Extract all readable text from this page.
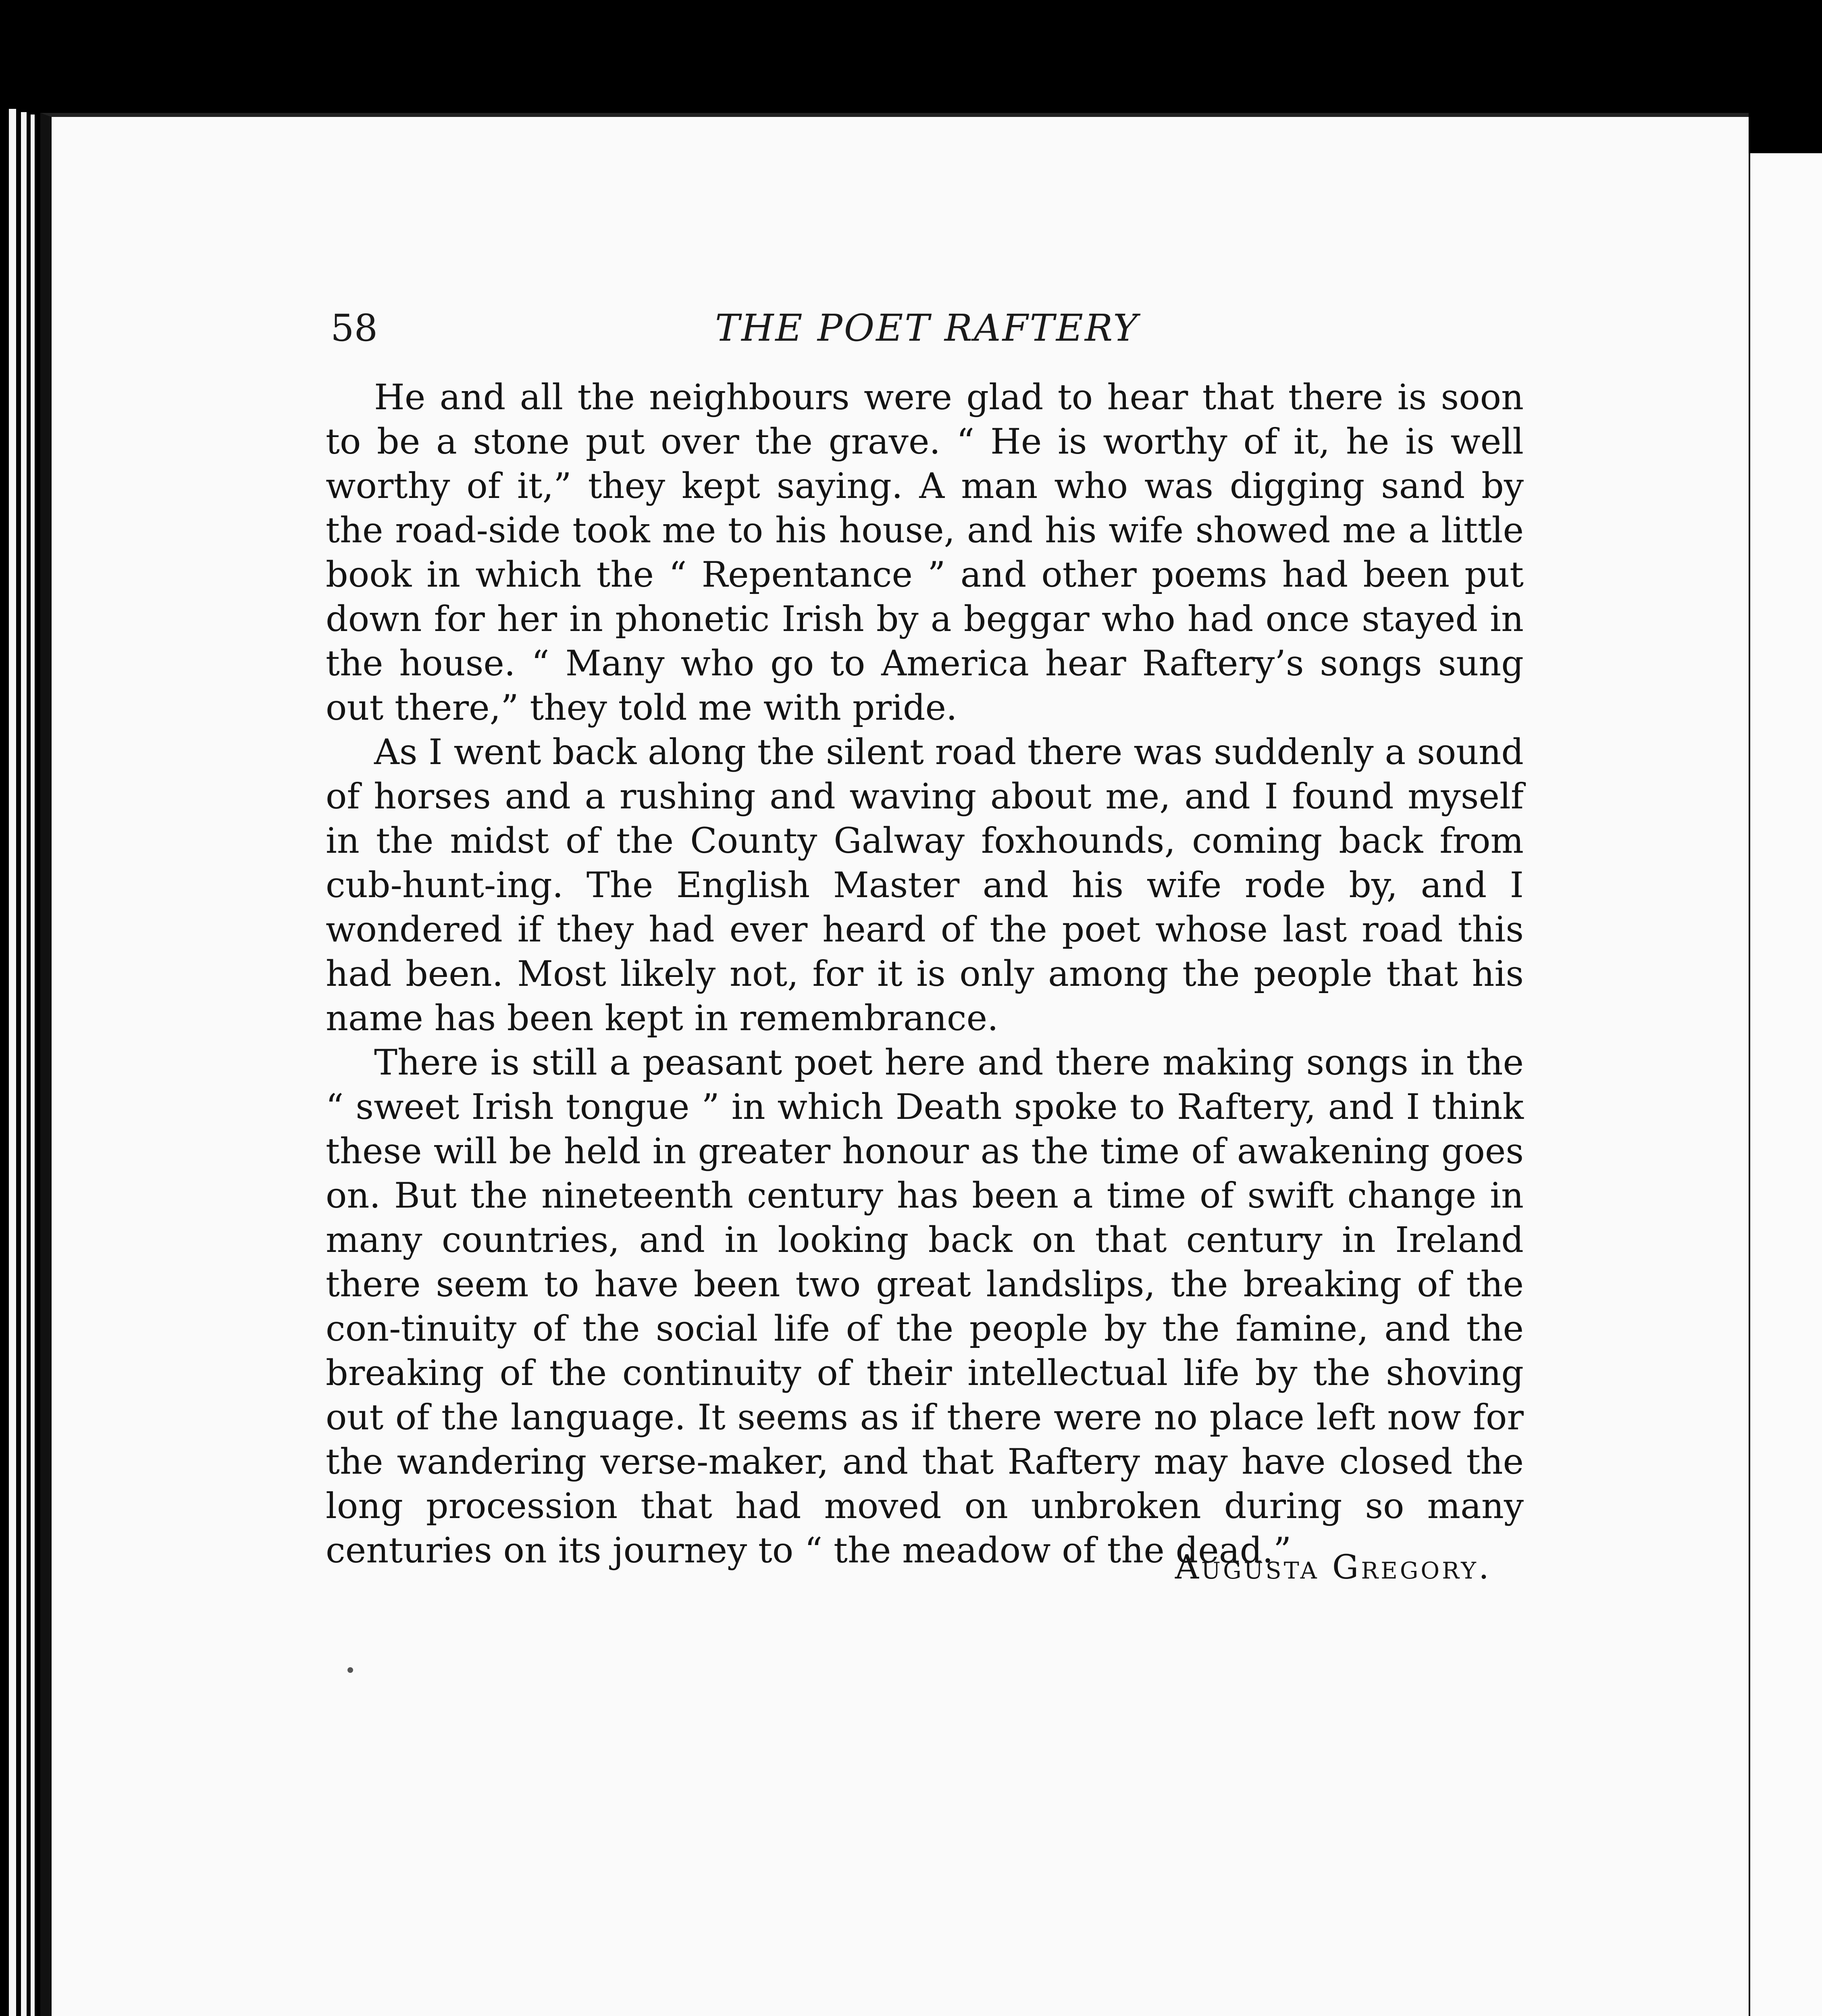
58	THE POET RAFTERY

He and all the neighbours were glad to hear that there is soon to be a stone put over the grave. “ He is worthy of it, he is well worthy of it,” they kept saying. A man who was digging sand by the road-side took me to his house, and his wife showed me a little book in which the “ Repentance ” and other poems had been put down for her in phonetic Irish by a beggar who had once stayed in the house. “ Many who go to America hear Raftery’s songs sung out there,” they told me with pride.

As I went back along the silent road there was suddenly a sound of horses and a rushing and waving about me, and I found myself in the midst of the County Galway foxhounds, coming back from cub-hunt-ing. The English Master and his wife rode by, and I wondered if they had ever heard of the poet whose last road this had been. Most likely not, for it is only among the people that his name has been kept in remembrance.

There is still a peasant poet here and there making songs in the “ sweet Irish tongue ” in which Death spoke to Raftery, and I think these will be held in greater honour as the time of awakening goes on. But the nineteenth century has been a time of swift change in many countries, and in looking back on that century in Ireland there seem to have been two great landslips, the breaking of the con-tinuity of the social life of the people by the famine, and the breaking of the continuity of their intellectual life by the shoving out of the language. It seems as if there were no place left now for the wandering verse-maker, and that Raftery may have closed the long procession that had moved on unbroken during so many centuries on its journey to “ the meadow of the dead.”

Augusta Gregory.
